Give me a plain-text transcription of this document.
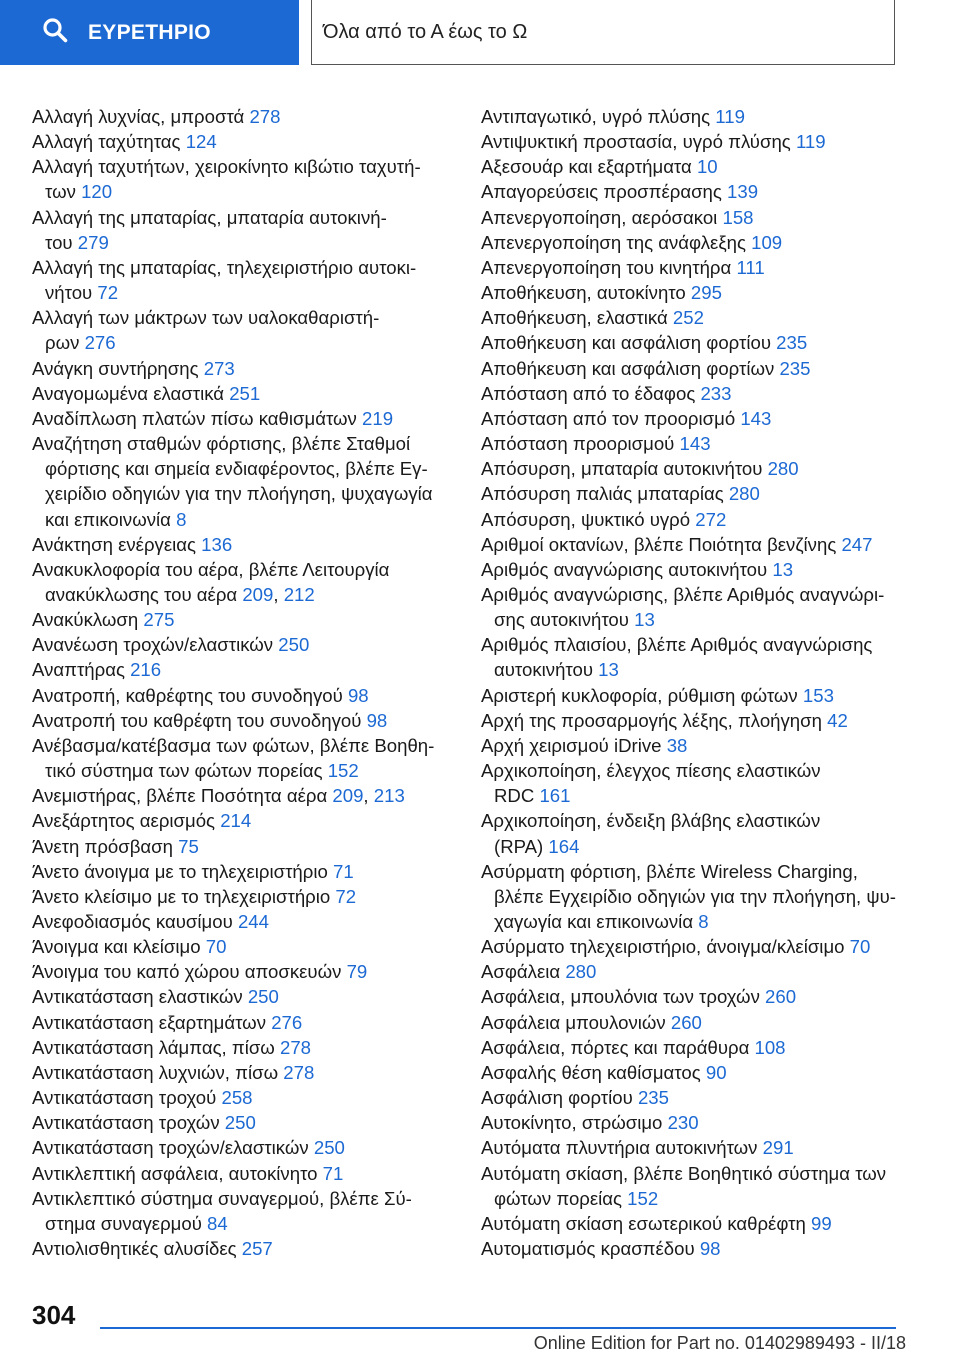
ΕΥΡΕΤΗΡΙΟ	Όλα από το Α έως το Ω
Αλλαγή λυχνίας, μπροστά 278
Αλλαγή ταχύτητας 124
Αλλαγή ταχυτήτων, χειροκίνητο κιβώτιο ταχυτή-
των 120
Αλλαγή της μπαταρίας, μπαταρία αυτοκινή-
του 279
Αλλαγή της μπαταρίας, τηλεχειριστήριο αυτοκι-
νήτου 72
Αλλαγή των μάκτρων των υαλοκαθαριστή-
ρων 276
Ανάγκη συντήρησης 273
Αναγομωμένα ελαστικά 251
Αναδίπλωση πλατών πίσω καθισμάτων 219
Αναζήτηση σταθμών φόρτισης, βλέπε Σταθμοί
φόρτισης και σημεία ενδιαφέροντος, βλέπε Εγ-
χειρίδιο οδηγιών για την πλοήγηση, ψυχαγωγία
και επικοινωνία 8
Ανάκτηση ενέργειας 136
Ανακυκλοφορία του αέρα, βλέπε Λειτουργία
ανακύκλωσης του αέρα 209, 212
Ανακύκλωση 275
Ανανέωση τροχών/ελαστικών 250
Αναπτήρας 216
Ανατροπή, καθρέφτης του συνοδηγού 98
Ανατροπή του καθρέφτη του συνοδηγού 98
Ανέβασμα/κατέβασμα των φώτων, βλέπε Βοηθη-
τικό σύστημα των φώτων πορείας 152
Ανεμιστήρας, βλέπε Ποσότητα αέρα 209, 213
Ανεξάρτητος αερισμός 214
Άνετη πρόσβαση 75
Άνετο άνοιγμα με το τηλεχειριστήριο 71
Άνετο κλείσιμο με το τηλεχειριστήριο 72
Ανεφοδιασμός καυσίμου 244
Άνοιγμα και κλείσιμο 70
Άνοιγμα του καπό χώρου αποσκευών 79
Αντικατάσταση ελαστικών 250
Αντικατάσταση εξαρτημάτων 276
Αντικατάσταση λάμπας, πίσω 278
Αντικατάσταση λυχνιών, πίσω 278
Αντικατάσταση τροχού 258
Αντικατάσταση τροχών 250
Αντικατάσταση τροχών/ελαστικών 250
Αντικλεπτική ασφάλεια, αυτοκίνητο 71
Αντικλεπτικό σύστημα συναγερμού, βλέπε Σύ-
στημα συναγερμού 84
Αντιολισθητικές αλυσίδες 257
Αντιπαγωτικό, υγρό πλύσης 119
Αντιψυκτική προστασία, υγρό πλύσης 119
Αξεσουάρ και εξαρτήματα 10
Απαγορεύσεις προσπέρασης 139
Απενεργοποίηση, αερόσακοι 158
Απενεργοποίηση της ανάφλεξης 109
Απενεργοποίηση του κινητήρα 111
Αποθήκευση, αυτοκίνητο 295
Αποθήκευση, ελαστικά 252
Αποθήκευση και ασφάλιση φορτίου 235
Αποθήκευση και ασφάλιση φορτίων 235
Απόσταση από το έδαφος 233
Απόσταση από τον προορισμό 143
Απόσταση προορισμού 143
Απόσυρση, μπαταρία αυτοκινήτου 280
Απόσυρση παλιάς μπαταρίας 280
Απόσυρση, ψυκτικό υγρό 272
Αριθμοί οκτανίων, βλέπε Ποιότητα βενζίνης 247
Αριθμός αναγνώρισης αυτοκινήτου 13
Αριθμός αναγνώρισης, βλέπε Αριθμός αναγνώρι-
σης αυτοκινήτου 13
Αριθμός πλαισίου, βλέπε Αριθμός αναγνώρισης
αυτοκινήτου 13
Αριστερή κυκλοφορία, ρύθμιση φώτων 153
Αρχή της προσαρμογής λέξης, πλοήγηση 42
Αρχή χειρισμού iDrive 38
Αρχικοποίηση, έλεγχος πίεσης ελαστικών
RDC 161
Αρχικοποίηση, ένδειξη βλάβης ελαστικών
(RPA) 164
Ασύρματη φόρτιση, βλέπε Wireless Charging,
βλέπε Εγχειρίδιο οδηγιών για την πλοήγηση, ψυ-
χαγωγία και επικοινωνία 8
Ασύρματο τηλεχειριστήριο, άνοιγμα/κλείσιμο 70
Ασφάλεια 280
Ασφάλεια, μπουλόνια των τροχών 260
Ασφάλεια μπουλονιών 260
Ασφάλεια, πόρτες και παράθυρα 108
Ασφαλής θέση καθίσματος 90
Ασφάλιση φορτίου 235
Αυτοκίνητο, στρώσιμο 230
Αυτόματα πλυντήρια αυτοκινήτων 291
Αυτόματη σκίαση, βλέπε Βοηθητικό σύστημα των
φώτων πορείας 152
Αυτόματη σκίαση εσωτερικού καθρέφτη 99
Αυτοματισμός κρασπέδου 98
304
Online Edition for Part no. 01402989493 - II/18
